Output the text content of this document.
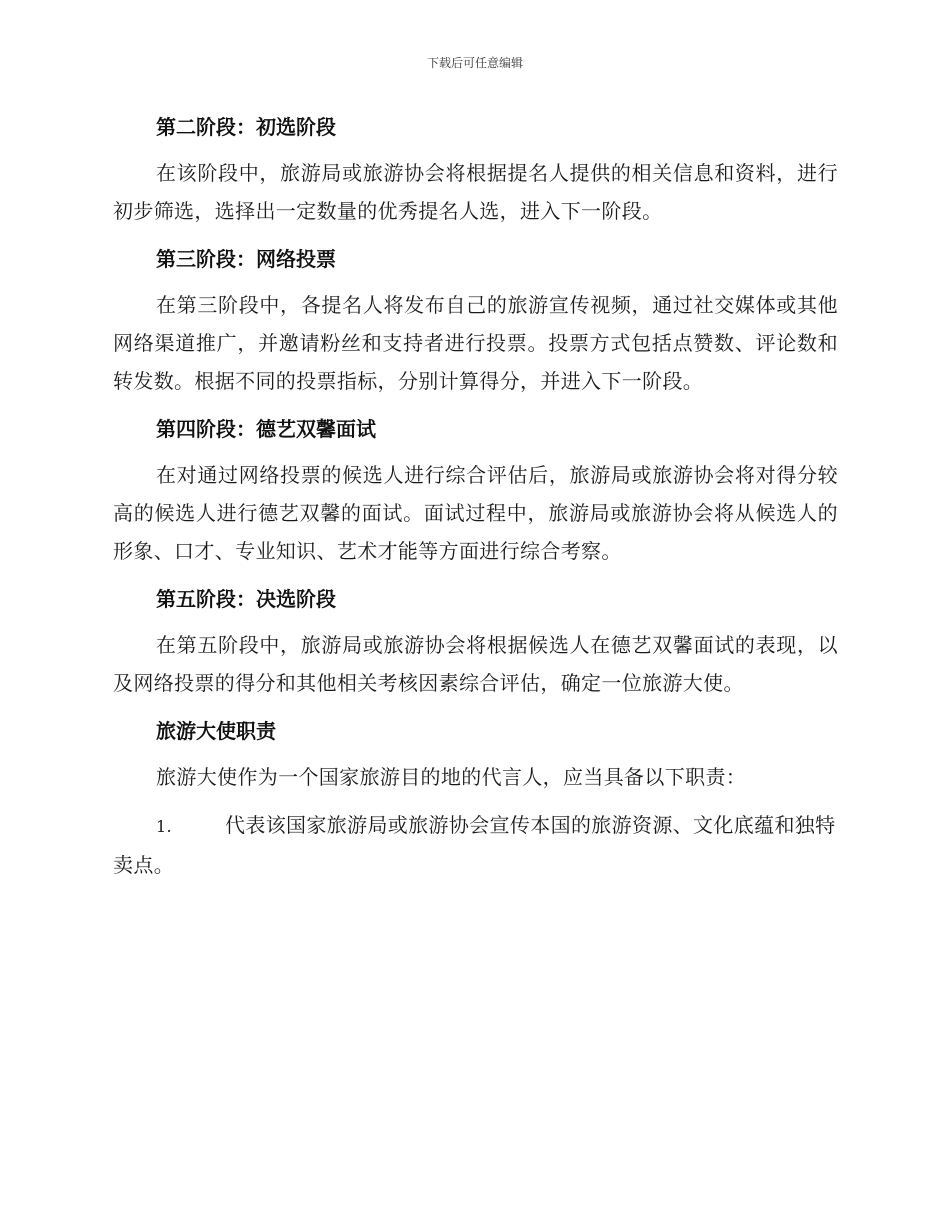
下载后可任意编辑
第二阶段：初选阶段
在该阶段中，旅游局或旅游协会将根据提名人提供的相关信息和资料，进行初步筛选，选择出一定数量的优秀提名人选，进入下一阶段。
第三阶段：网络投票
在第三阶段中，各提名人将发布自己的旅游宣传视频，通过社交媒体或其他网络渠道推广，并邀请粉丝和支持者进行投票。投票方式包括点赞数、评论数和转发数。根据不同的投票指标，分别计算得分，并进入下一阶段。
第四阶段：德艺双馨面试
在对通过网络投票的候选人进行综合评估后，旅游局或旅游协会将对得分较高的候选人进行德艺双馨的面试。面试过程中，旅游局或旅游协会将从候选人的形象、口才、专业知识、艺术才能等方面进行综合考察。
第五阶段：决选阶段
在第五阶段中，旅游局或旅游协会将根据候选人在德艺双馨面试的表现，以及网络投票的得分和其他相关考核因素综合评估，确定一位旅游大使。
旅游大使职责
旅游大使作为一个国家旅游目的地的代言人，应当具备以下职责：
1.	代表该国家旅游局或旅游协会宣传本国的旅游资源、文化底蕴和独特卖点。
